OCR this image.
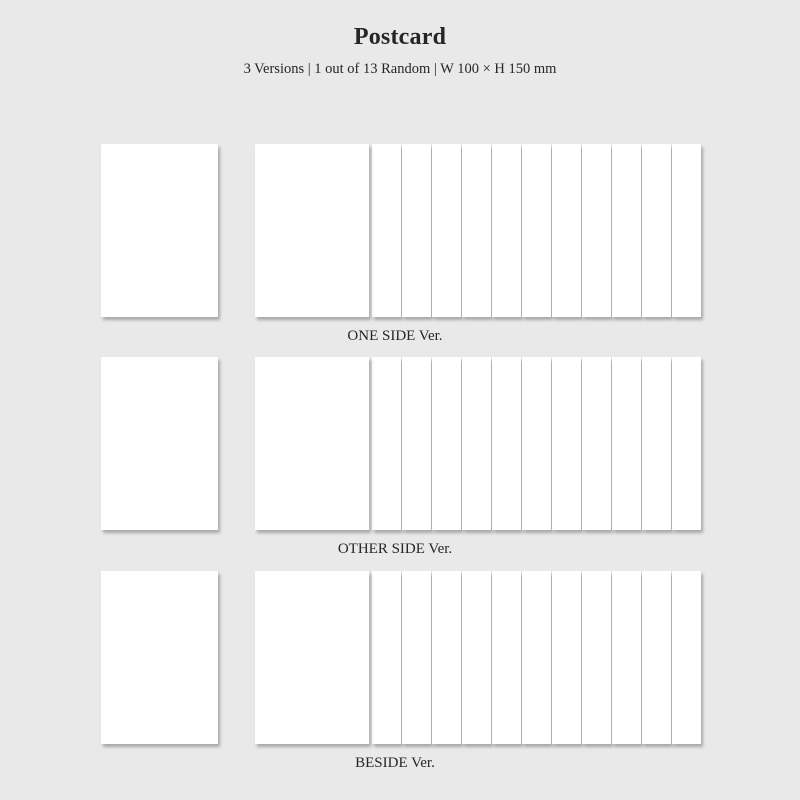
Postcard
3 Versions | 1 out of 13 Random | W 100 × H 150 mm
ONE SIDE Ver.
OTHER SIDE Ver.
BESIDE Ver.
